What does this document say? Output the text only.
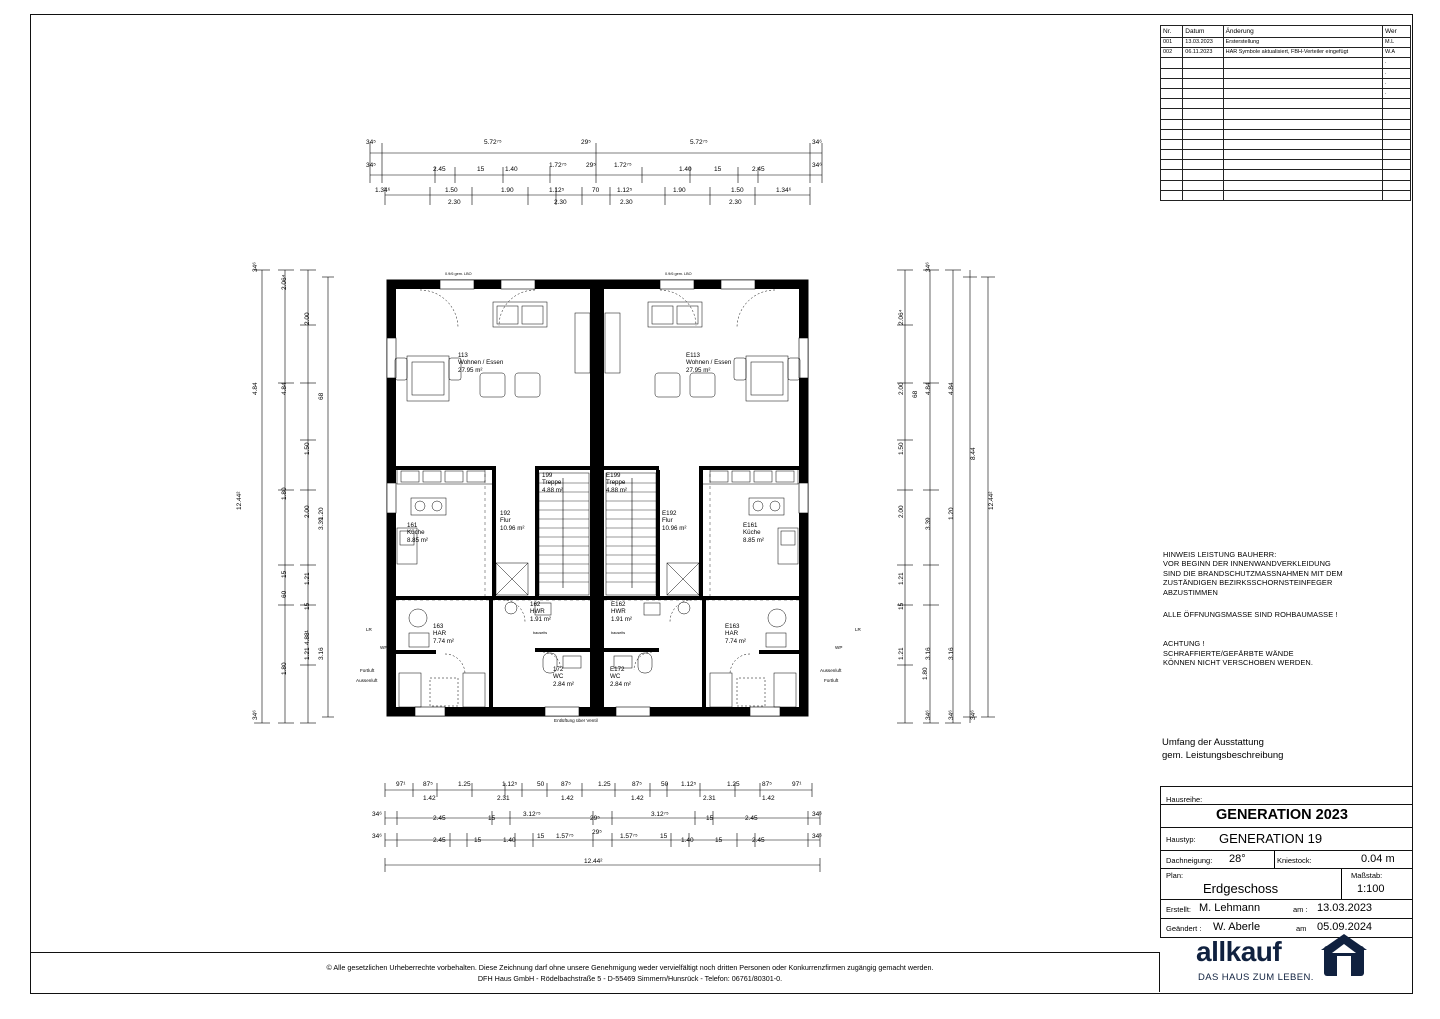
Nr.	Datum	Änderung	Wer
001	13.03.2023	Ersterstellung	M.L
002	06.11.2023	HAR Symbole aktualisiert, FBH-Verteiler eingefügt	W.A
			.
			.
			.
			.

HINWEIS LEISTUNG BAUHERR:
VOR BEGINN DER INNENWANDVERKLEIDUNG
SIND DIE BRANDSCHUTZMASSNAHMEN MIT DEM
ZUSTÄNDIGEN BEZIRKSSCHORNSTEINFEGER
ABZUSTIMMEN
ALLE ÖFFNUNGSMASSE SIND ROHBAUMASSE !
ACHTUNG !
SCHRAFFIERTE/GEFÄRBTE WÄNDE
KÖNNEN NICHT VERSCHOBEN WERDEN.
Umfang der Ausstattung
gem. Leistungsbeschreibung
Hausreihe:
GENERATION 2023
Haustyp: GENERATION 19
Dachneigung: 28°	Kniestock:	0.04 m
Plan:
Erdgeschoss
Maßstab:
1:100
Erstellt: M. Lehmann	am : 13.03.2023
Geändert : W. Aberle	am 05.09.2024
allkauf
DAS HAUS ZUM LEBEN.
© Alle gesetzlichen Urheberrechte vorbehalten. Diese Zeichnung darf ohne unsere Genehmigung weder vervielfältigt noch dritten Personen oder Konkurrenzfirmen zugängig gemacht werden.
DFH Haus GmbH - Rödelbachstraße 5 - D-55469 Simmern/Hunsrück - Telefon: 06761/80301-0.
113
Wohnen / Essen
27.95 m²
E113
Wohnen / Essen
27.95 m²
161
Küche
8.85 m²
E161
Küche
8.85 m²
192
Flur
10.96 m²
E192
Flur
10.96 m²
199
Treppe
4.88 m²
E199
Treppe
4.88 m²
162
HWR
1.91 m²
E162
HWR
1.91 m²
163
HAR
7.74 m²
E163
HAR
7.74 m²
172
WC
2.84 m²
E172
WC
2.84 m²
0.9/6 gem. LBO	0.9/6 gem. LBO
bauseits	bauseits
Entlüftung über Ventil
Fortluft
Aussenluft
Aussenluft
Fortluft
LR	LR
WP	WP
34⁵	5.72⁷⁵	29⁵	5.72⁷⁵	34⁶
34⁵
2.45	15	1.40
1.72⁷⁵	29⁵	1.72⁷⁵
1.40	15	2.45
34⁶
1.34⁶	1.50	1.90	1.12⁵	70	1.12⁵	1.90	1.50	1.34⁶
2.30	2.30	2.30	2.30
34⁶
4.84
2.06⁴
4.84
1.80
15
60
1.80
34⁶
2.00
1.50
2.00
1.21
15
1.21
4.88¹
68
3.39
1.20
3.16
12.44²
2.06⁴
2.00
1.50
2.00
68
1.21
15
1.21
1.80
34⁶
4.84 4.84
3.39
1.20
3.16 3.16
34⁶ 34⁶ 34⁶
8.44
12.44²
97¹	87⁵	1.25	1.12⁵	50	87⁵	1.25	87⁵	50 1.12⁵	1.25	87⁵	97¹
1.42	2.31	1.42	1.42	2.31	1.42
34⁶
2.45	15
3.12⁷⁵
29⁵
3.12⁷⁵
15	2.45
34⁶
34⁶
2.45	15	1.40
15 1.57⁷⁵
29⁵
1.57⁷⁵	15
1.40	15	2.45
34⁶
12.44²
